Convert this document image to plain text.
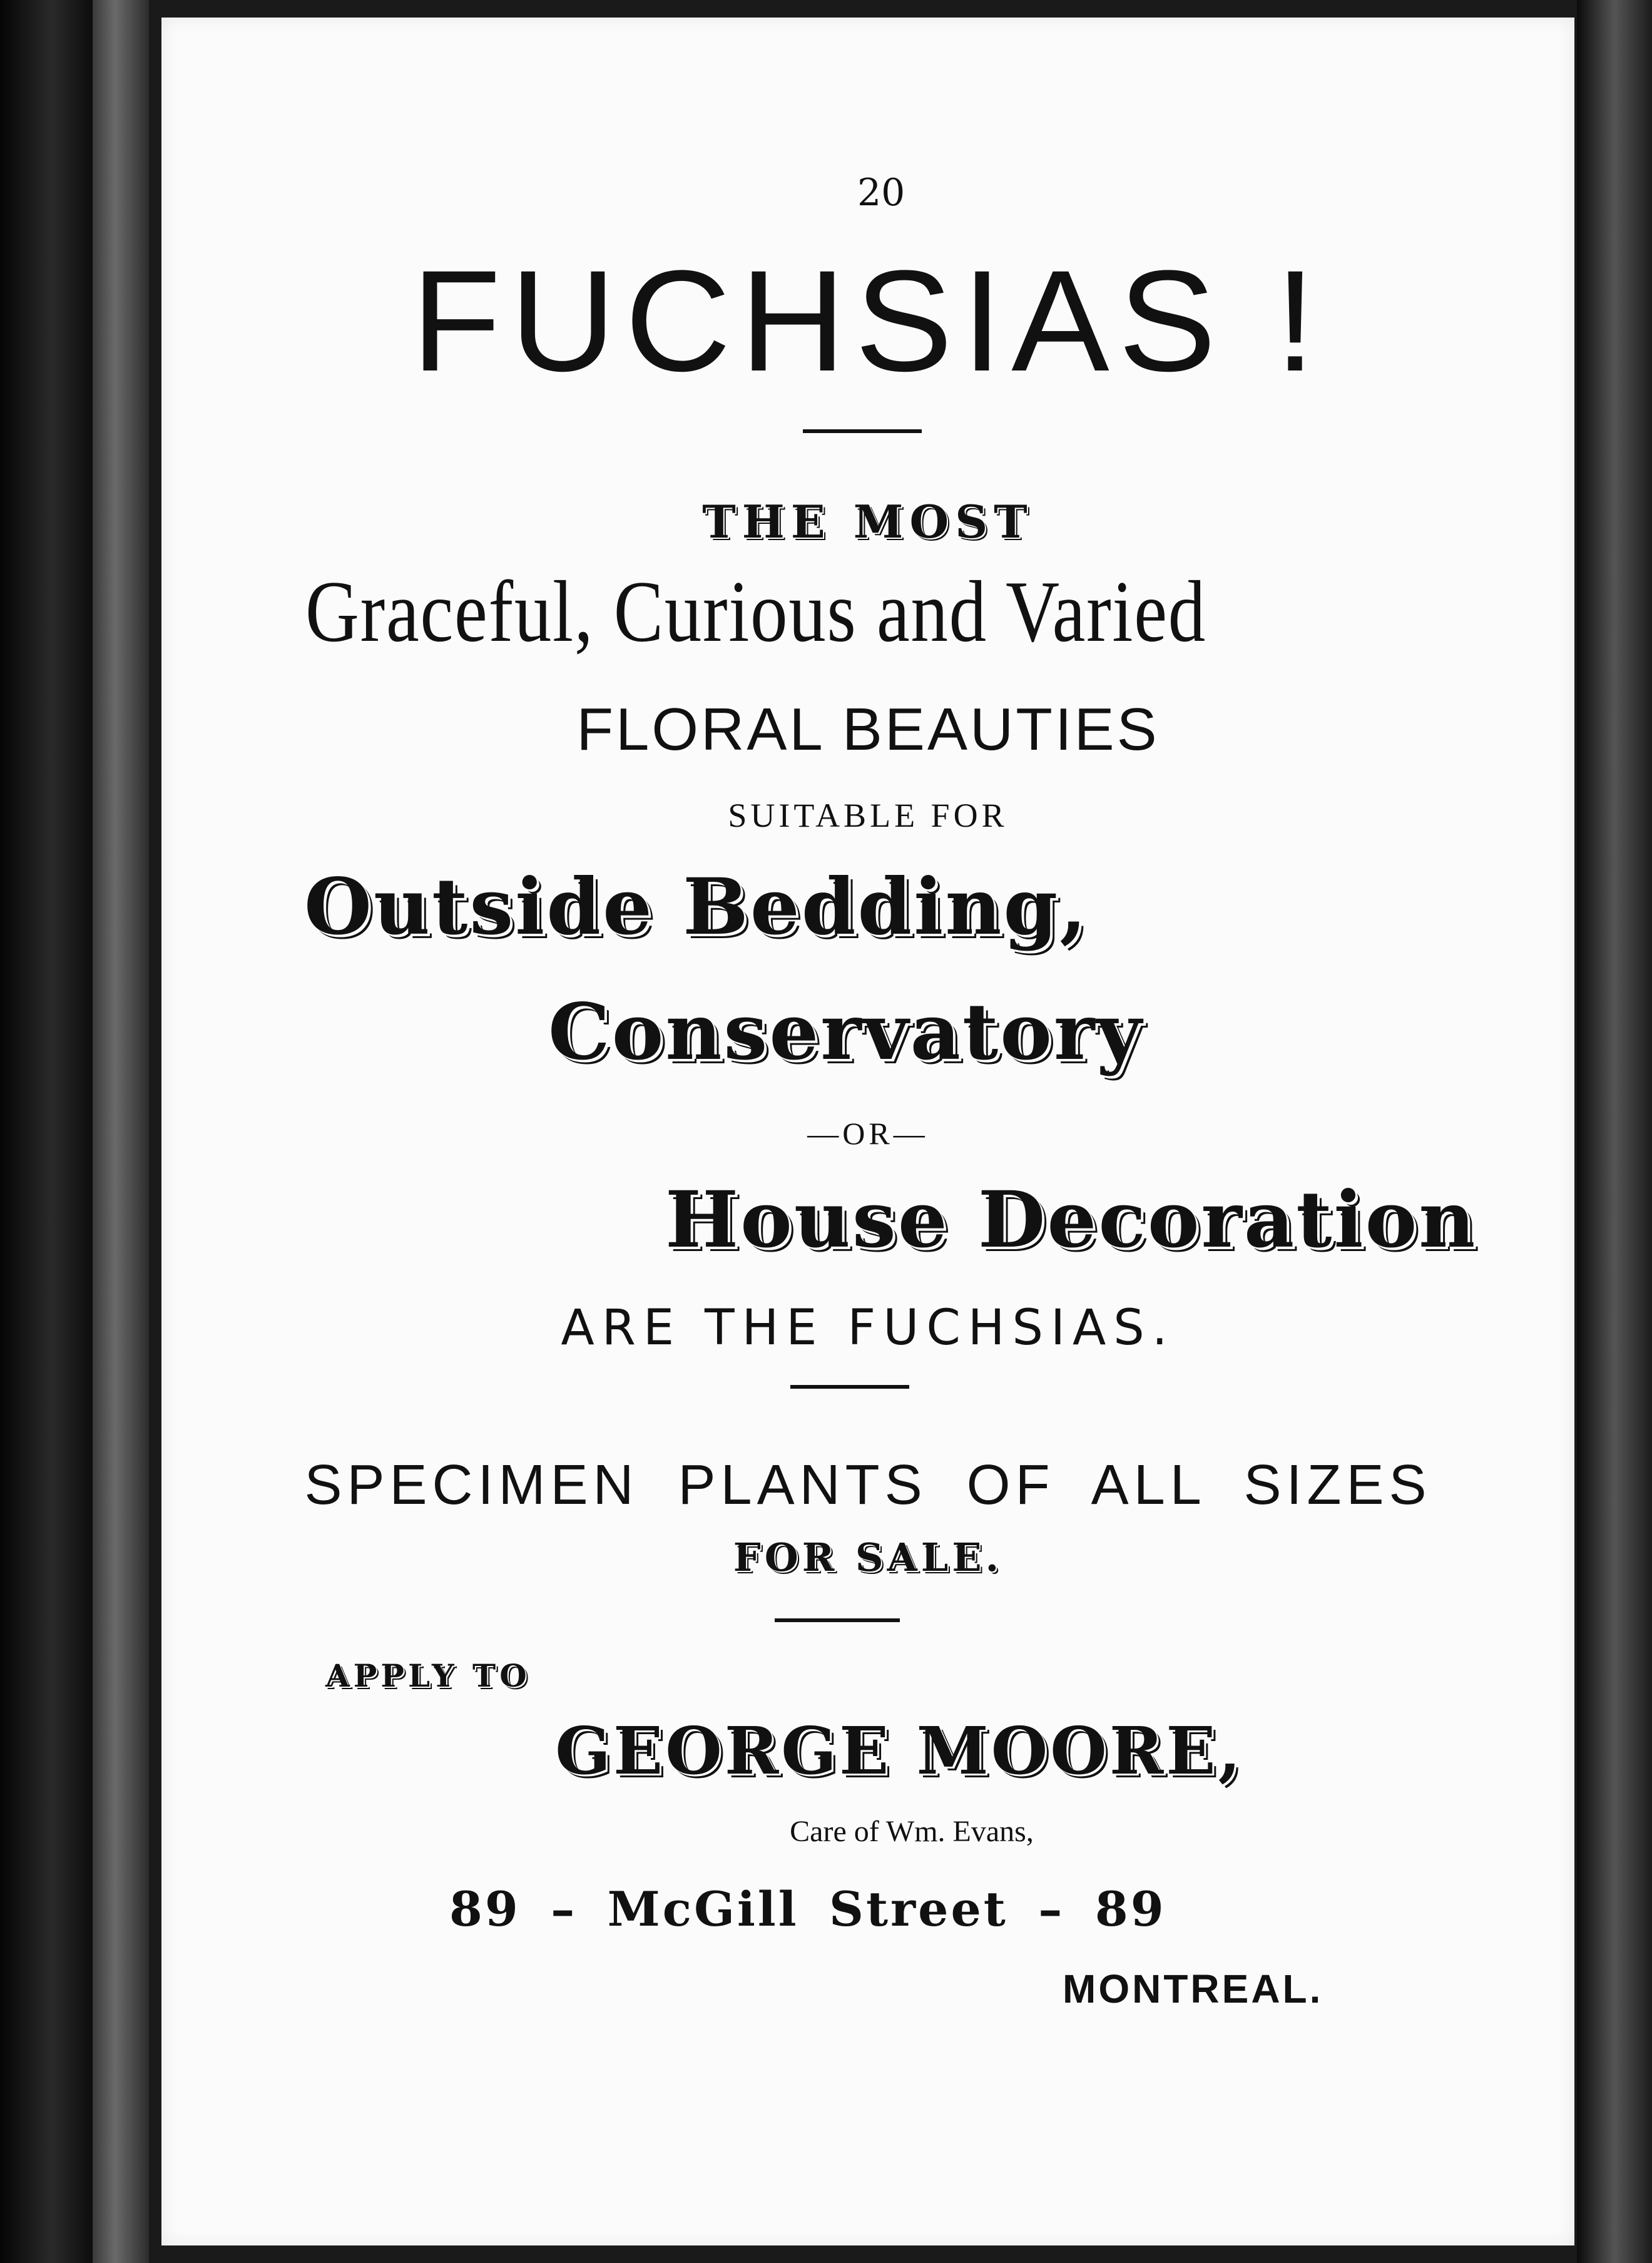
20
FUCHSIAS !
THE MOST
Graceful, Curious and Varied
FLORAL BEAUTIES
SUITABLE FOR
Outside Bedding,
Conservatory
—OR—
House Decoration
ARE THE FUCHSIAS.
SPECIMEN PLANTS OF ALL SIZES
FOR SALE.
APPLY TO
GEORGE MOORE,
Care of Wm. Evans,
89 – McGill Street – 89
MONTREAL.
